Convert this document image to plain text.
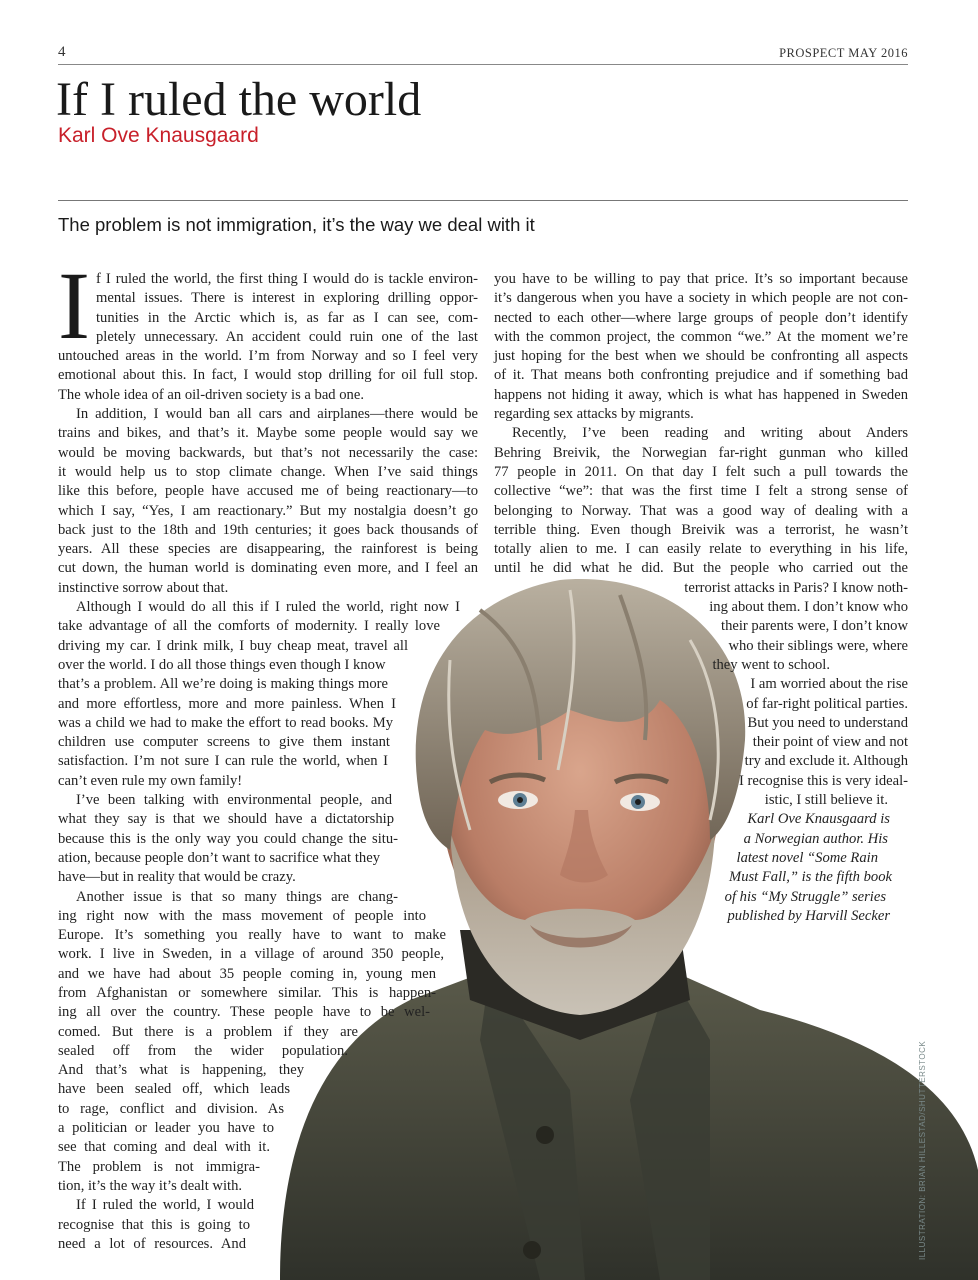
4	PROSPECT MAY 2016
If I ruled the world
Karl Ove Knausgaard
The problem is not immigration, it’s the way we deal with it
ILLUSTRATION: BRIAN HILLESTAD/SHUTTERSTOCK
I f I ruled the world, the first thing I would do is tackle environ-
mental issues. There is interest in exploring drilling oppor-
tunities in the Arctic which is, as far as I can see, com-
pletely unnecessary. An accident could ruin one of the last
untouched areas in the world. I’m from Norway and so I feel very
emotional about this. In fact, I would stop drilling for oil full stop.
The whole idea of an oil-driven society is a bad one.
In addition, I would ban all cars and airplanes—there would be
trains and bikes, and that’s it. Maybe some people would say we
would be moving backwards, but that’s not necessarily the case:
it would help us to stop climate change. When I’ve said things
like this before, people have accused me of being reactionary—to
which I say, “Yes, I am reactionary.” But my nostalgia doesn’t go
back just to the 18th and 19th centuries; it goes back thousands of
years. All these species are disappearing, the rainforest is being
cut down, the human world is dominating even more, and I feel an
instinctive sorrow about that.
Although I would do all this if I ruled the world, right now I
take advantage of all the comforts of modernity. I really love
driving my car. I drink milk, I buy cheap meat, travel all
over the world. I do all those things even though I know
that’s a problem. All we’re doing is making things more
and more effortless, more and more painless. When I
was a child we had to make the effort to read books. My
children use computer screens to give them instant
satisfaction. I’m not sure I can rule the world, when I
can’t even rule my own family!
I’ve been talking with environmental people, and
what they say is that we should have a dictatorship
because this is the only way you could change the situ-
ation, because people don’t want to sacrifice what they
have—but in reality that would be crazy.
Another issue is that so many things are chang-
ing right now with the mass movement of people into
Europe. It’s something you really have to want to make
work. I live in Sweden, in a village of around 350 people,
and we have had about 35 people coming in, young men
from Afghanistan or somewhere similar. This is happen-
ing all over the country. These people have to be wel-
comed. But there is a problem if they are
sealed off from the wider population.
And that’s what is happening, they
have been sealed off, which leads
to rage, conflict and division. As
a politician or leader you have to
see that coming and deal with it.
The problem is not immigra-
tion, it’s the way it’s dealt with.
If I ruled the world, I would
recognise that this is going to
need a lot of resources. And
you have to be willing to pay that price. It’s so important because
it’s dangerous when you have a society in which people are not con-
nected to each other—where large groups of people don’t identify
with the common project, the common “we.” At the moment we’re
just hoping for the best when we should be confronting all aspects
of it. That means both confronting prejudice and if something bad
happens not hiding it away, which is what has happened in Sweden
regarding sex attacks by migrants.
Recently, I’ve been reading and writing about Anders
Behring Breivik, the Norwegian far-right gunman who killed
77 people in 2011. On that day I felt such a pull towards the
collective “we”: that was the first time I felt a strong sense of
belonging to Norway. That was a good way of dealing with a
terrible thing. Even though Breivik was a terrorist, he wasn’t
totally alien to me. I can easily relate to everything in his life,
until he did what he did. But the people who carried out the
terrorist attacks in Paris? I know noth-
ing about them. I don’t know who
their parents were, I don’t know
who their siblings were, where
they went to school.
I am worried about the rise
of far-right political parties.
But you need to understand
their point of view and not
try and exclude it. Although
I recognise this is very ideal-
istic, I still believe it.
Karl Ove Knausgaard is
a Norwegian author. His
latest novel “Some Rain
Must Fall,” is the fifth book
of his “My Struggle” series
published by Harvill Secker
